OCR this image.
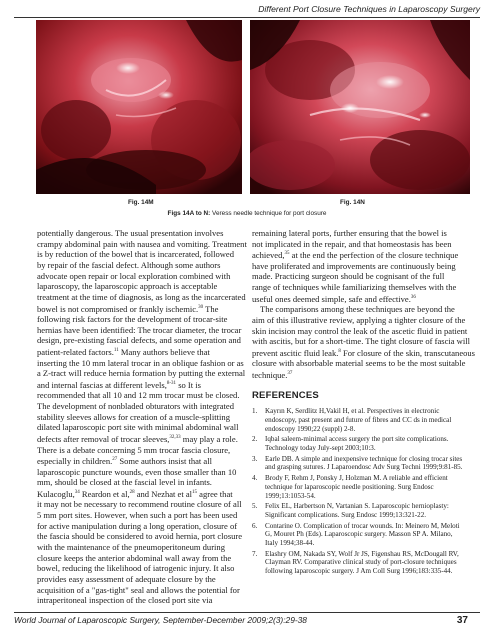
Different Port Closure Techniques in Laparoscopy Surgery
Fig. 14M	Fig. 14N
Figs 14A to N: Veress needle technique for port closure

potentially dangerous. The usual presentation involves
crampy abdominal pain with nausea and vomiting. Treatment
is by reduction of the bowel that is incarcerated, followed
by repair of the fascial defect. Although some authors
advocate open repair or local exploration combined with
laparoscopy, the laparoscopic approach is acceptable
treatment at the time of diagnosis, as long as the incarcerated
bowel is not compromised or frankly ischemic.$^{30}$ The
following risk factors for the development of trocar-site
hernias have been identified: The trocar diameter, the trocar
design, pre-existing fascial defects, and some operation and
patient-related factors.$^{11}$ Many authors believe that
inserting the 10 mm lateral trocar in an oblique fashion or as
a Z-tract will reduce hernia formation by putting the external
and internal fascias at different levels,$^{8-31}$ so It is
recommended that all 10 and 12 mm trocar must be closed.
The development of nonbladed obturators with integrated
stability sleeves allows for creation of a muscle-splitting
dilated laparoscopic port site with minimal abdominal wall
defects after removal of trocar sleeves,$^{32,33}$ may play a role.
There is a debate concerning 5 mm trocar fascia closure,
especially in children.$^{27}$ Some authors insist that all
laparoscopic puncture wounds, even those smaller than 10
mm, should be closed at the fascial level in infants.
Kulacoglu,$^{34}$ Reardon et al,$^{28}$ and Nezhat et $al^{15}$ agree that
it may not be necessary to recommend routine closure of all
5 mm port sites. However, when such a port has been used
for active manipulation during a long operation, closure of
the fascia should be considered to avoid hernia, port closure
with the maintenance of the pneumoperitoneum during
closure keeps the anterior abdominal wall away from the
bowel, reducing the likelihood of iatrogenic injury. It also
provides easy assessment of adequate closure by the
acquisition of a "gas-tight" seal and allows the potential for
intraperitoneal inspection of the closed port site via

remaining lateral ports, further ensuring that the bowel is
not implicated in the repair, and that homeostasis has been
achieved,$^{35}$ at the end the perfection of the closure technique
have proliferated and improvements are continuously being
made. Practicing surgeon should be cognisant of the full
range of techniques while familiarizing themselves with the
useful ones deemed simple, safe and effective.$^{36}$
The comparisons among these techniques are beyond the
aim of this illustrative review, applying a tighter closure of the
skin incision may control the leak of the ascetic fluid in patient
with ascitis, but for a short-time. The tight closure of fascia will
prevent ascitic fluid leak.$^8$ For closure of the skin, transcutaneous
closure with absorbable material seems to be the most suitable
technique.$^{37}$

REFERENCES
1.	Kayrın K, Serdlitz H,Vakil H, et al. Perspectives in electronic endoscopy, past present and future of fibres and CC ds in medical endoscopy 1990;22 (suppl) 2-8.
2.	Iqbal saleem-minimal access surgery the port site complications. Technology today July-sept 2003;10:3.
3.	Earle DB. A simple and inexpensive technique for closing trocar sites and grasping sutures. J Laparoendosc Adv Surg Techni 1999;9:81-85.
4.	Brody F, Rehm J, Ponsky J, Holzman M. A reliable and efficient technique for laparoscopic needle positioning. Surg Endosc 1999;13:1053-54.
5.	Felix EL, Harbertson N, Vartanian S. Laparoscopic hernioplasty: Significant complications. Surg Endosc 1999;13:321-22.
6.	Contarine O. Complication of trocar wounds. In: Meinero M, Meloti G, Mouret Ph (Eds). Laparoscopic surgery. Masson SP A. Milano, Italy 1994;38-44.
7.	Elashry OM, Nakada SY, Wolf Jr JS, Figenshau RS, McDougall RV, Clayman RV. Comparative clinical study of port-closure techniques following laparoscopic surgery. J Am Coll Surg 1996;183:335-44.
World Journal of Laparoscopic Surgery, September-December 2009;2(3):29-38	37
